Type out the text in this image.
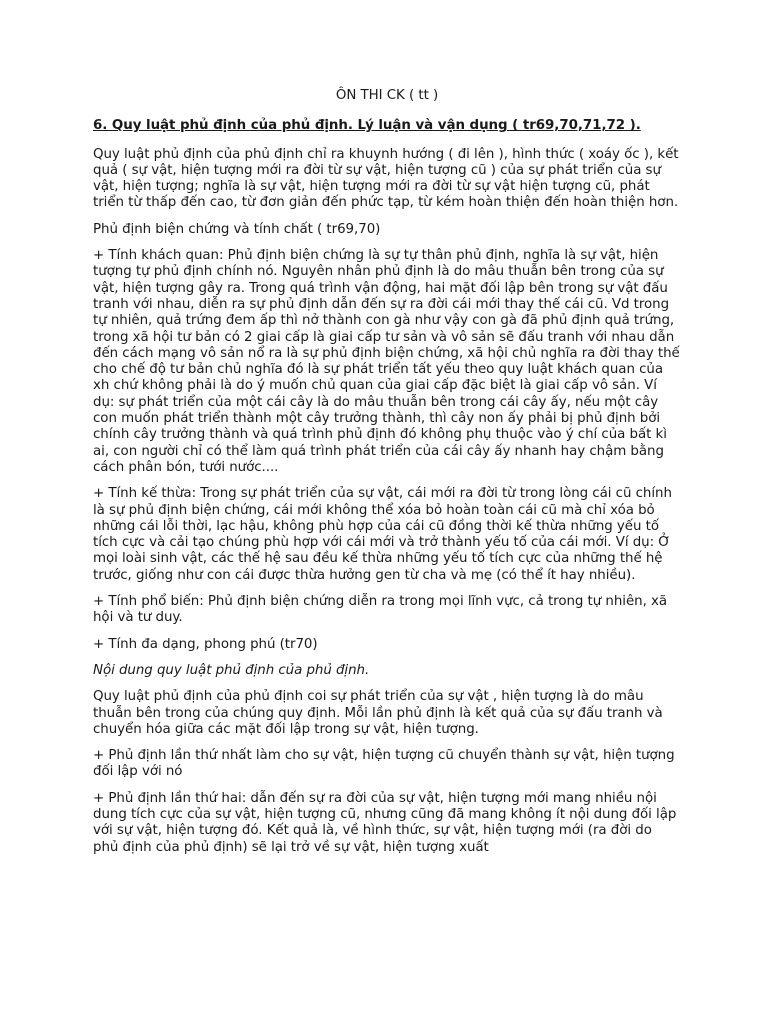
ÔN THI CK ( tt )
6. Quy luật phủ định của phủ định. Lý luận và vận dụng ( tr69,70,71,72 ).

Quy luật phủ định của phủ định chỉ ra khuynh hướng ( đi lên ), hình thức ( xoáy ốc ), kết quả ( sự vật, hiện tượng mới ra đời từ sự vật, hiện tượng cũ ) của sự phát triển của sự vật, hiện tượng; nghĩa là sự vật, hiện tượng mới ra đời từ sự vật hiện tượng cũ, phát triển từ thấp đến cao, từ đơn giản đến phức tạp, từ kém hoàn thiện đến hoàn thiện hơn.

Phủ định biện chứng và tính chất ( tr69,70)

+ Tính khách quan: Phủ định biện chứng là sự tự thân phủ định, nghĩa là sự vật, hiện tượng tự phủ định chính nó. Nguyên nhân phủ định là do mâu thuẫn bên trong của sự vật, hiện tượng gây ra. Trong quá trình vận động, hai mặt đối lập bên trong sự vật đấu tranh với nhau, diễn ra sự phủ định dẫn đến sự ra đời cái mới thay thế cái cũ. Vd trong tự nhiên, quả trứng đem ấp thì nở thành con gà như vậy con gà đã phủ định quả trứng, trong xã hội tư bản có 2 giai cấp là giai cấp tư sản và vô sản sẽ đấu tranh với nhau dẫn đến cách mạng vô sản nổ ra là sự phủ định biện chứng, xã hội chủ nghĩa ra đời thay thế cho chế độ tư bản chủ nghĩa đó là sự phát triển tất yếu theo quy luật khách quan của xh chứ không phải là do ý muốn chủ quan của giai cấp đặc biệt là giai cấp vô sản. Ví dụ: sự phát triển của một cái cây là do mâu thuẫn bên trong cái cây ấy, nếu một cây con muốn phát triển thành một cây trưởng thành, thì cây non ấy phải bị phủ định bởi chính cây trưởng thành và quá trình phủ định đó không phụ thuộc vào ý chí của bất kì ai, con người chỉ có thể làm quá trình phát triển của cái cây ấy nhanh hay chậm bằng cách phân bón, tưới nước....

+ Tính kế thừa: Trong sự phát triển của sự vật, cái mới ra đời từ trong lòng cái cũ chính là sự phủ định biện chứng, cái mới không thể xóa bỏ hoàn toàn cái cũ mà chỉ xóa bỏ những cái lỗi thời, lạc hậu, không phù hợp của cái cũ đồng thời kế thừa những yếu tố tích cực và cải tạo chúng phù hợp với cái mới và trở thành yếu tố của cái mới. Ví dụ: Ở mọi loài sinh vật, các thế hệ sau đều kế thừa những yếu tố tích cực của những thế hệ trước, giống như con cái được thừa hưởng gen từ cha và mẹ (có thể ít hay nhiều).

+ Tính phổ biến: Phủ định biện chứng diễn ra trong mọi lĩnh vực, cả trong tự nhiên, xã hội và tư duy.

+ Tính đa dạng, phong phú (tr70)

Nội dung quy luật phủ định của phủ định.

Quy luật phủ định của phủ định coi sự phát triển của sự vật , hiện tượng là do mâu thuẫn bên trong của chúng quy định. Mỗi lần phủ định là kết quả của sự đấu tranh và chuyển hóa giữa các mặt đối lập trong sự vật, hiện tượng.

+ Phủ định lần thứ nhất làm cho sự vật, hiện tượng cũ chuyển thành sự vật, hiện tượng đối lập với nó

+ Phủ định lần thứ hai: dẫn đến sự ra đời của sự vật, hiện tượng mới mang nhiều nội dung tích cực của sự vật, hiện tượng cũ, nhưng cũng đã mang không ít nội dung đối lập với sự vật, hiện tượng đó. Kết quả là, về hình thức, sự vật, hiện tượng mới (ra đời do phủ định của phủ định) sẽ lại trở về sự vật, hiện tượng xuất
